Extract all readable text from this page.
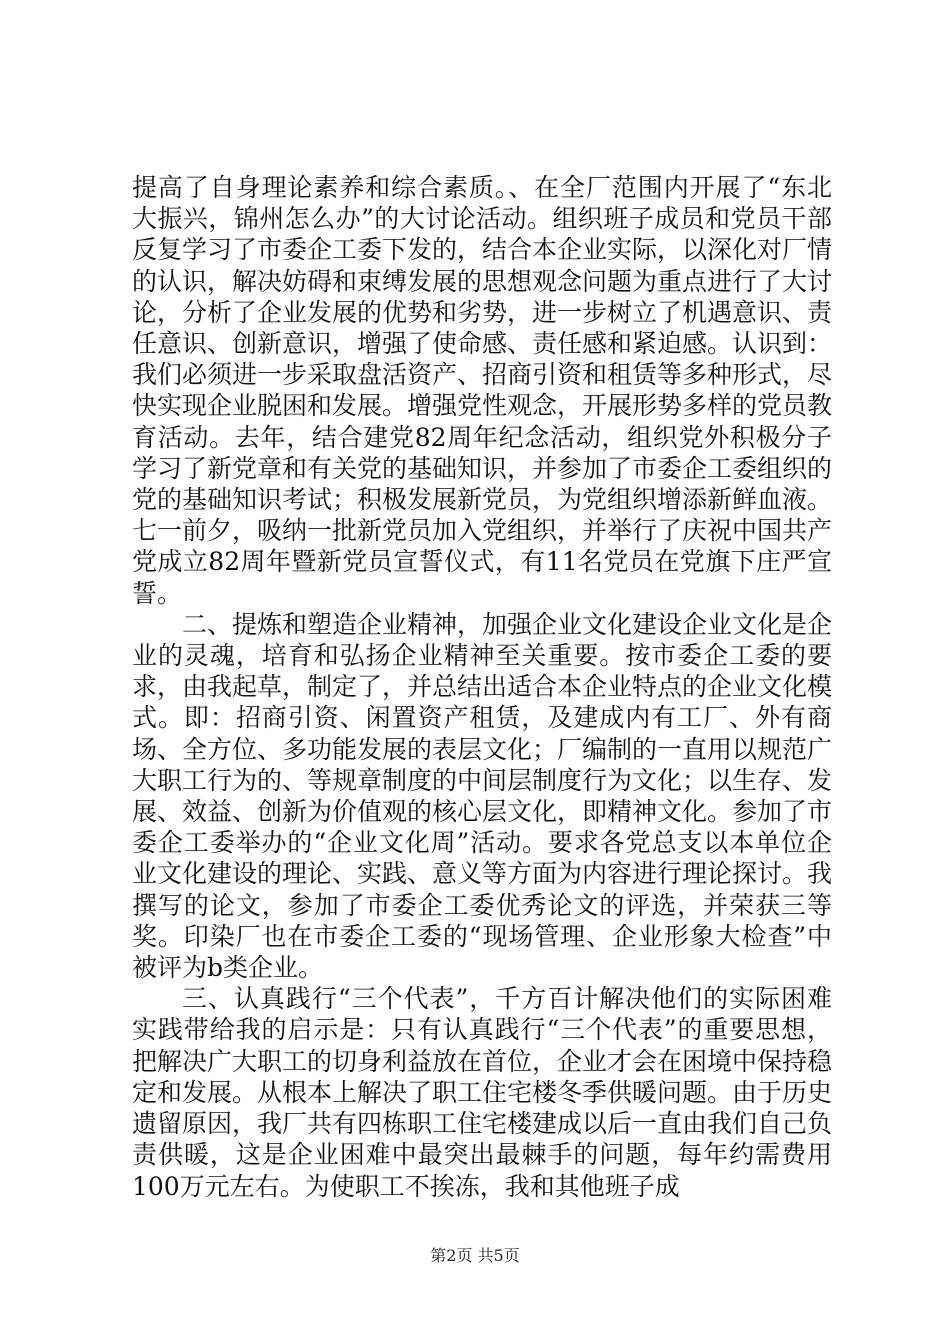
提高了自身理论素养和综合素质。、在全厂范围内开展了“东北大振兴，锦州怎么办”的大讨论活动。组织班子成员和党员干部反复学习了市委企工委下发的，结合本企业实际，以深化对厂情的认识，解决妨碍和束缚发展的思想观念问题为重点进行了大讨论，分析了企业发展的优势和劣势，进一步树立了机遇意识、责任意识、创新意识，增强了使命感、责任感和紧迫感。认识到：我们必须进一步采取盘活资产、招商引资和租赁等多种形式，尽快实现企业脱困和发展。增强党性观念，开展形势多样的党员教育活动。去年，结合建党82周年纪念活动，组织党外积极分子学习了新党章和有关党的基础知识，并参加了市委企工委组织的党的基础知识考试；积极发展新党员，为党组织增添新鲜血液。七一前夕，吸纳一批新党员加入党组织，并举行了庆祝中国共产党成立82周年暨新党员宣誓仪式，有11名党员在党旗下庄严宣誓。

二、提炼和塑造企业精神，加强企业文化建设企业文化是企业的灵魂，培育和弘扬企业精神至关重要。按市委企工委的要求，由我起草，制定了，并总结出适合本企业特点的企业文化模式。即：招商引资、闲置资产租赁，及建成内有工厂、外有商场、全方位、多功能发展的表层文化；厂编制的一直用以规范广大职工行为的、等规章制度的中间层制度行为文化；以生存、发展、效益、创新为价值观的核心层文化，即精神文化。参加了市委企工委举办的“企业文化周”活动。要求各党总支以本单位企业文化建设的理论、实践、意义等方面为内容进行理论探讨。我撰写的论文，参加了市委企工委优秀论文的评选，并荣获三等奖。印染厂也在市委企工委的“现场管理、企业形象大检查”中被评为b类企业。

三、认真践行“三个代表”，千方百计解决他们的实际困难实践带给我的启示是：只有认真践行“三个代表”的重要思想，把解决广大职工的切身利益放在首位，企业才会在困境中保持稳定和发展。从根本上解决了职工住宅楼冬季供暖问题。由于历史遗留原因，我厂共有四栋职工住宅楼建成以后一直由我们自己负责供暖，这是企业困难中最突出最棘手的问题，每年约需费用100万元左右。为使职工不挨冻，我和其他班子成

第2页 共5页
